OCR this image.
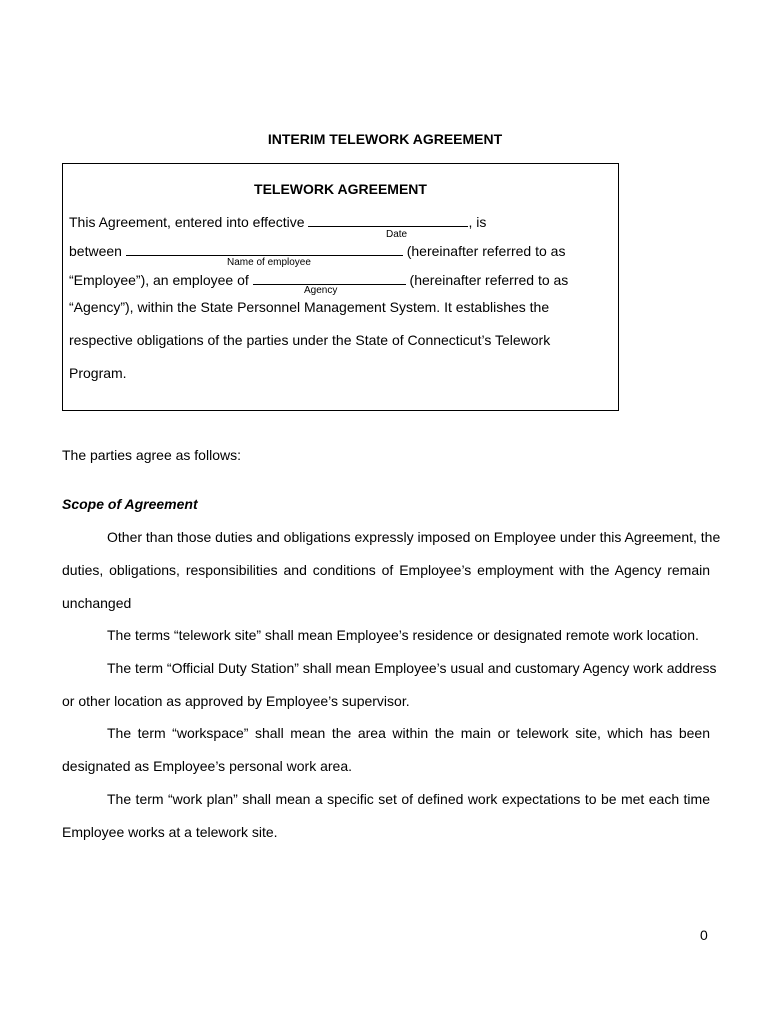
INTERIM TELEWORK AGREEMENT
TELEWORK AGREEMENT
This Agreement, entered into effective	, is
Date
between	(hereinafter referred to as
Name of employee
“Employee”), an employee of	(hereinafter referred to as
Agency
“Agency”), within the State Personnel Management System. It establishes the
respective obligations of the parties under the State of Connecticut’s Telework
Program.
The parties agree as follows:
Scope of Agreement
Other than those duties and obligations expressly imposed on Employee under this Agreement, the
duties, obligations, responsibilities and conditions of Employee’s employment with the Agency remain
unchanged
The terms “telework site” shall mean Employee’s residence or designated remote work location.
The term “Official Duty Station” shall mean Employee’s usual and customary Agency work address
or other location as approved by Employee’s supervisor.
The term “workspace” shall mean the area within the main or telework site, which has been
designated as Employee’s personal work area.
The term “work plan” shall mean a specific set of defined work expectations to be met each time
Employee works at a telework site.
0
